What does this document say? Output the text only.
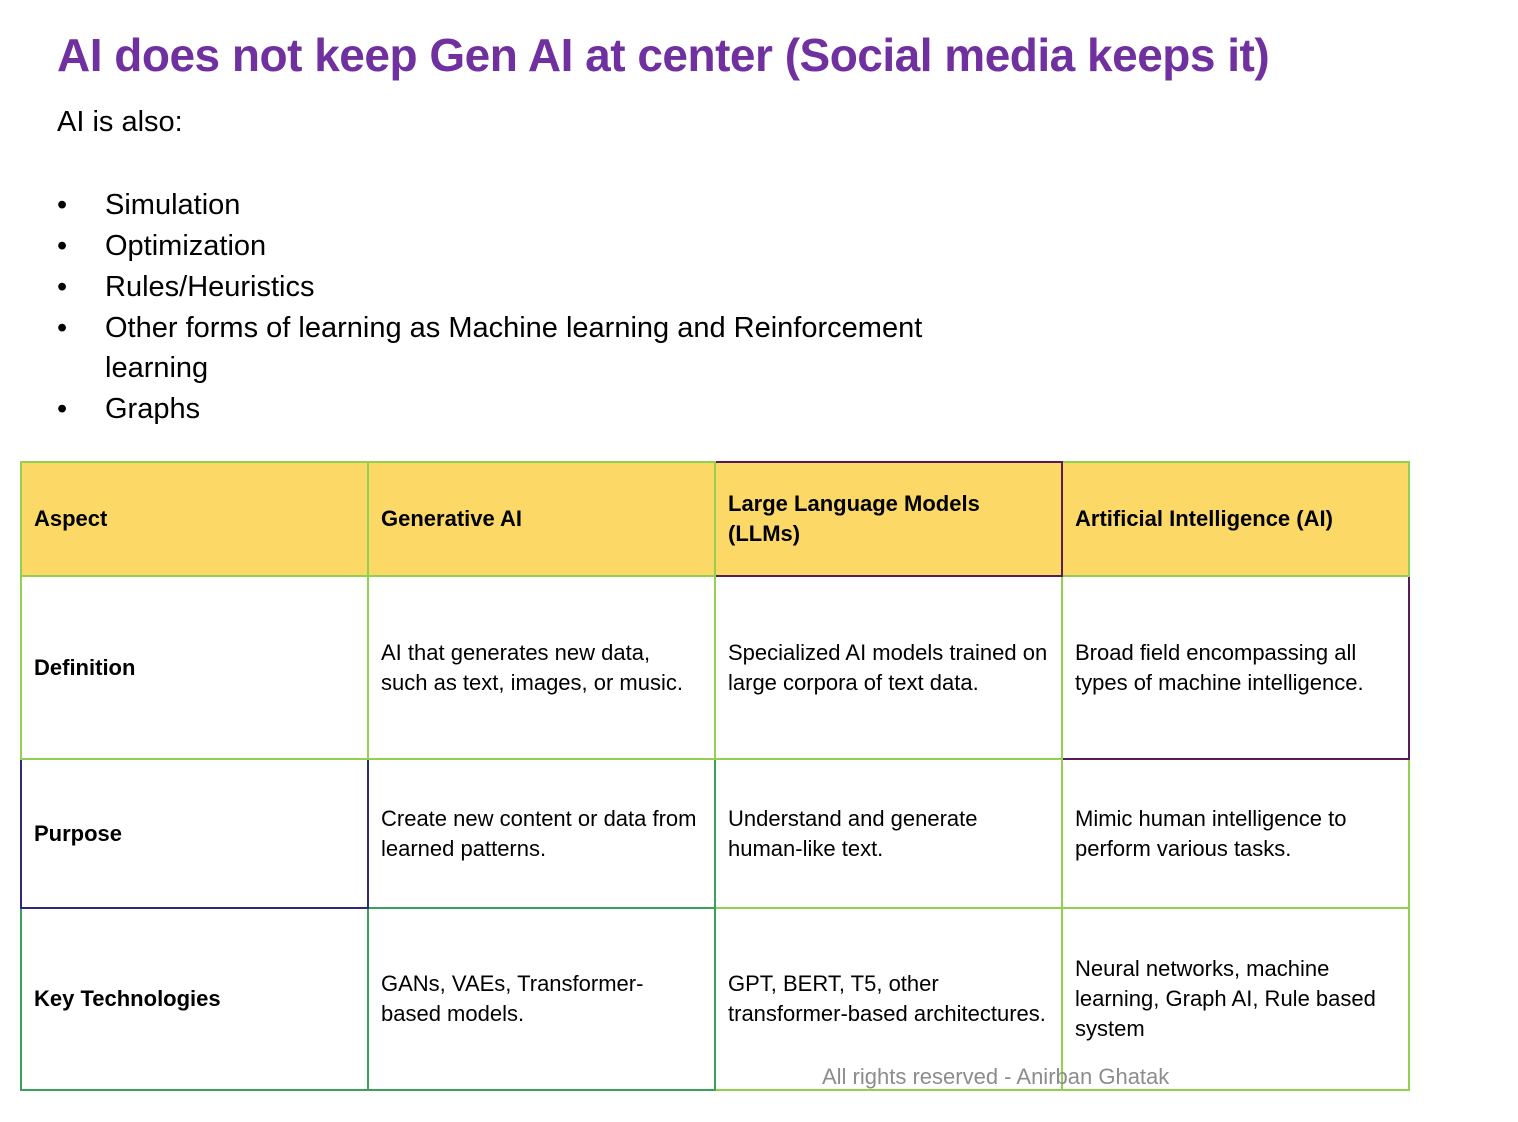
AI does not keep Gen AI at center (Social media keeps it)
AI is also:
• Simulation
• Optimization
• Rules/Heuristics
• Other forms of learning as Machine learning and Reinforcement learning
• Graphs
Aspect	Generative AI	Large Language Models (LLMs)	Artificial Intelligence (AI)
Definition	AI that generates new data, such as text, images, or music.	Specialized AI models trained on large corpora of text data.	Broad field encompassing all types of machine intelligence.
Purpose	Create new content or data from learned patterns.	Understand and generate human-like text.	Mimic human intelligence to perform various tasks.
Key Technologies	GANs, VAEs, Transformer-based models.	GPT, BERT, T5, other transformer-based architectures.	Neural networks, machine learning, Graph AI, Rule based system
All rights reserved - Anirban Ghatak
